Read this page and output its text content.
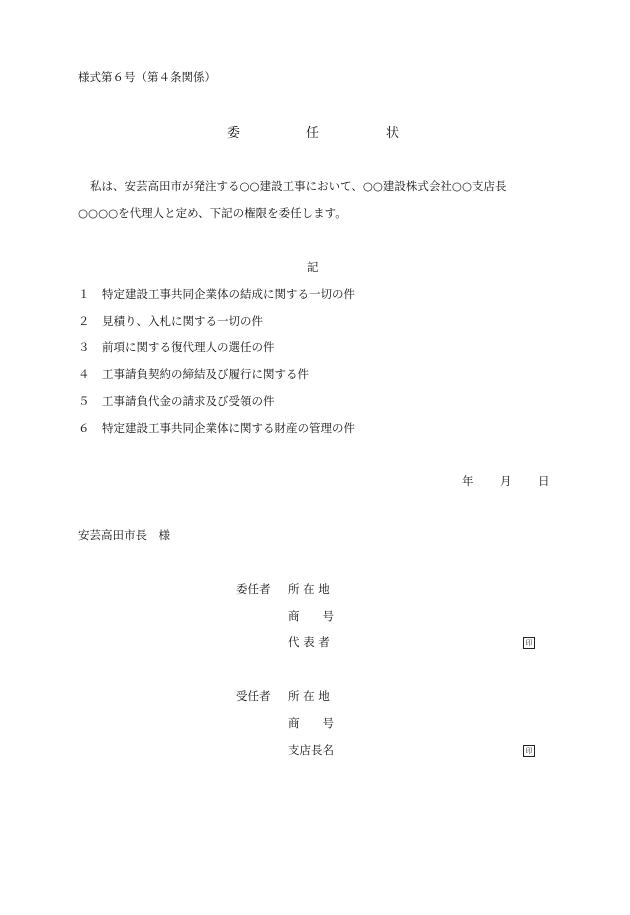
様式第６号（第４条関係）
委	任	状
私は、安芸高田市が発注する○○建設工事において、○○建設株式会社○○支店長
○○○○を代理人と定め、下記の権限を委任します。
記
１ 特定建設工事共同企業体の結成に関する一切の件
２ 見積り、入札に関する一切の件
３ 前項に関する復代理人の選任の件
４ 工事請負契約の締結及び履行に関する件
５ 工事請負代金の請求及び受領の件
６ 特定建設工事共同企業体に関する財産の管理の件
年 月 日
安芸高田市長　様
委任者 所 在 地
商　　号
代 表 者	印
受任者 所 在 地
商　　号
支店長名	印
